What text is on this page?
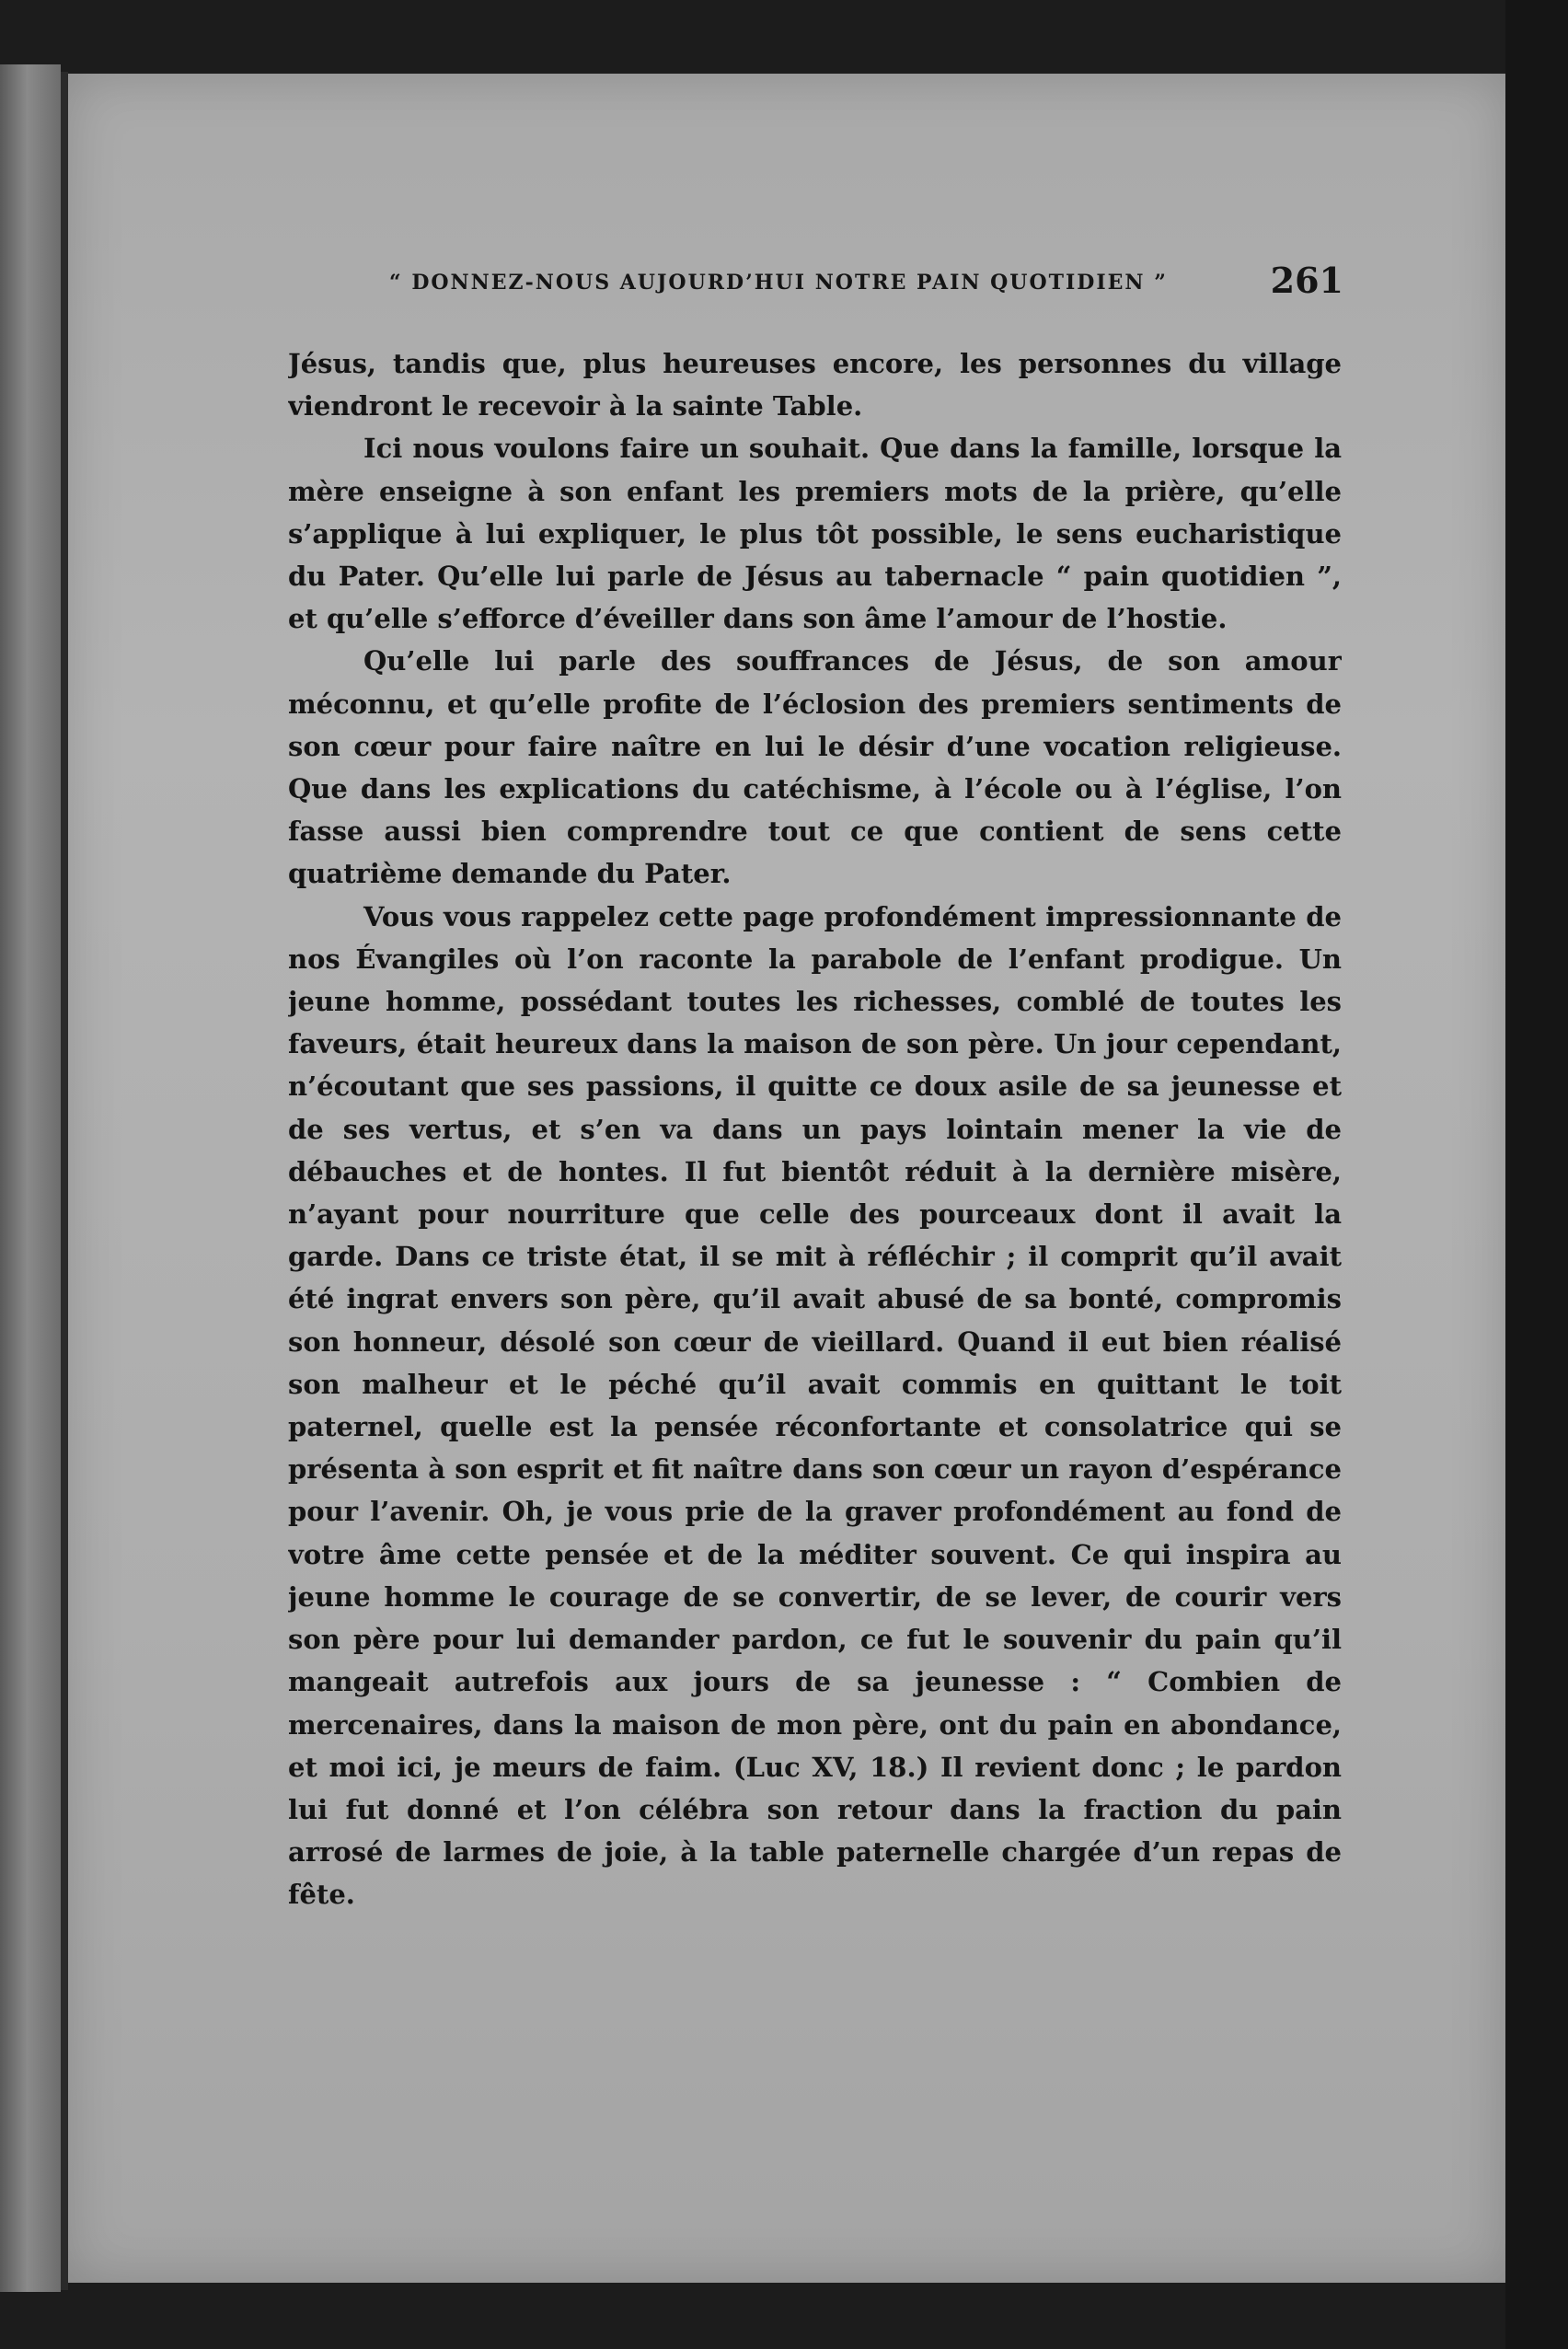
“ DONNEZ-NOUS AUJOURD’HUI NOTRE PAIN QUOTIDIEN ”	261

Jésus, tandis que, plus heureuses encore, les personnes du village viendront le recevoir à la sainte Table.

Ici nous voulons faire un souhait. Que dans la famille, lorsque la mère enseigne à son enfant les premiers mots de la prière, qu’elle s’applique à lui expliquer, le plus tôt possible, le sens eucharistique du Pater. Qu’elle lui parle de Jésus au tabernacle “ pain quotidien ”, et qu’elle s’efforce d’éveiller dans son âme l’amour de l’hostie.

Qu’elle lui parle des souffrances de Jésus, de son amour méconnu, et qu’elle profite de l’éclosion des premiers sentiments de son cœur pour faire naître en lui le désir d’une vocation religieuse. Que dans les explications du catéchisme, à l’école ou à l’église, l’on fasse aussi bien comprendre tout ce que contient de sens cette quatrième demande du Pater.

Vous vous rappelez cette page profondément impressionnante de nos Évangiles où l’on raconte la parabole de l’enfant prodigue. Un jeune homme, possédant toutes les richesses, comblé de toutes les faveurs, était heureux dans la maison de son père. Un jour cependant, n’écoutant que ses passions, il quitte ce doux asile de sa jeunesse et de ses vertus, et s’en va dans un pays lointain mener la vie de débauches et de hontes. Il fut bientôt réduit à la dernière misère, n’ayant pour nourriture que celle des pourceaux dont il avait la garde. Dans ce triste état, il se mit à réfléchir ; il comprit qu’il avait été ingrat envers son père, qu’il avait abusé de sa bonté, compromis son honneur, désolé son cœur de vieillard. Quand il eut bien réalisé son malheur et le péché qu’il avait commis en quittant le toit paternel, quelle est la pensée réconfortante et consolatrice qui se présenta à son esprit et fit naître dans son cœur un rayon d’espérance pour l’avenir. Oh, je vous prie de la graver profondément au fond de votre âme cette pensée et de la méditer souvent. Ce qui inspira au jeune homme le courage de se convertir, de se lever, de courir vers son père pour lui demander pardon, ce fut le souvenir du pain qu’il mangeait autrefois aux jours de sa jeunesse : “ Combien de mercenaires, dans la maison de mon père, ont du pain en abondance, et moi ici, je meurs de faim. (Luc XV, 18.) Il revient donc ; le pardon lui fut donné et l’on célébra son retour dans la fraction du pain arrosé de larmes de joie, à la table paternelle chargée d’un repas de fête.
